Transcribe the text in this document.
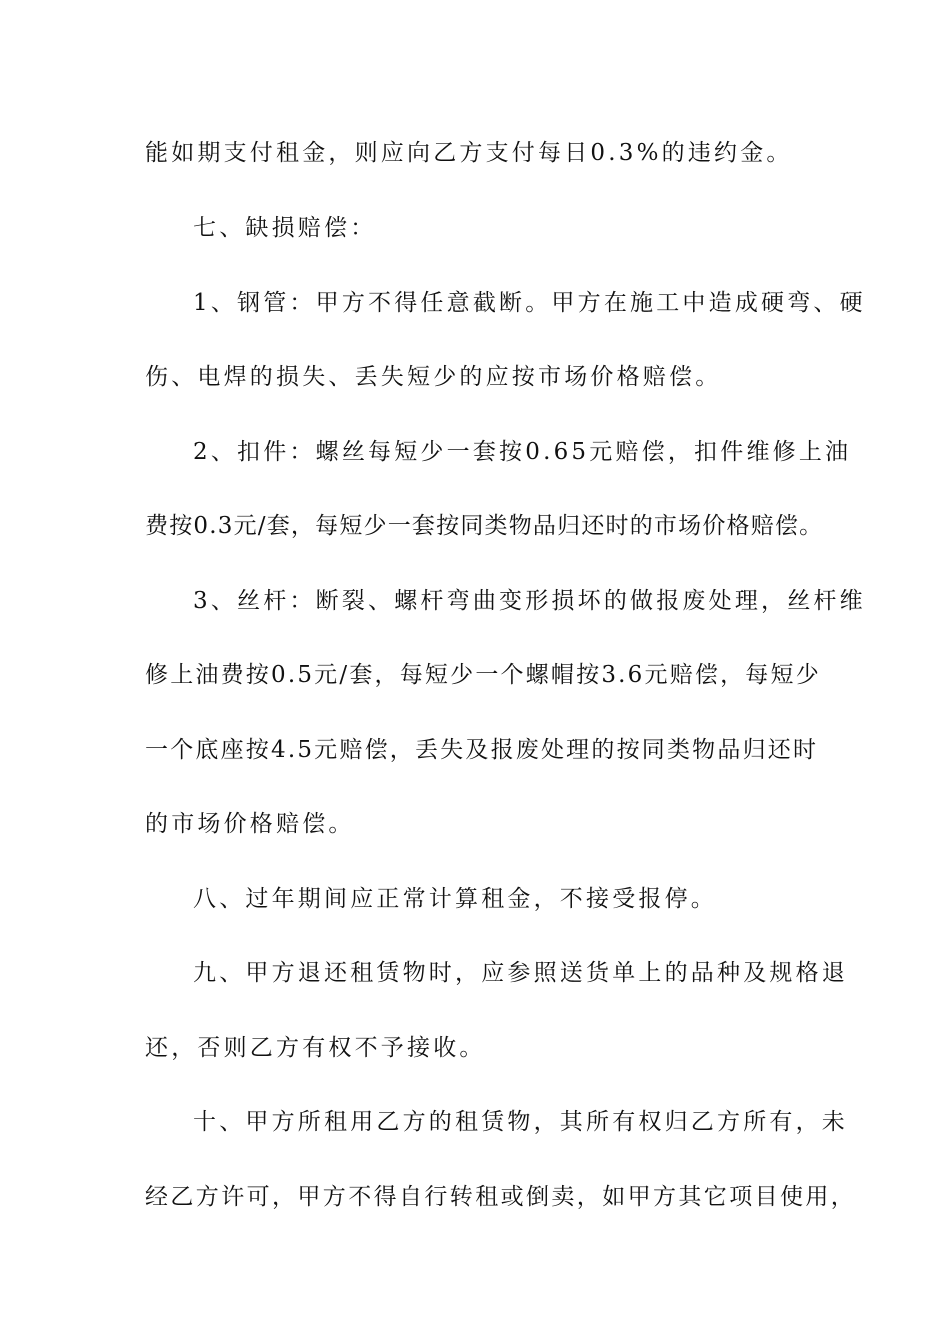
能如期支付租金，则应向乙方支付每日0.3%的违约金。
七、缺损赔偿：
1、钢管：甲方不得任意截断。甲方在施工中造成硬弯、硬
伤、电焊的损失、丢失短少的应按市场价格赔偿。
2、扣件：螺丝每短少一套按0.65元赔偿，扣件维修上油
费按0.3元/套，每短少一套按同类物品归还时的市场价格赔偿。
3、丝杆：断裂、螺杆弯曲变形损坏的做报废处理，丝杆维
修上油费按0.5元/套，每短少一个螺帽按3.6元赔偿，每短少
一个底座按4.5元赔偿，丢失及报废处理的按同类物品归还时
的市场价格赔偿。
八、过年期间应正常计算租金，不接受报停。
九、甲方退还租赁物时，应参照送货单上的品种及规格退
还，否则乙方有权不予接收。
十、甲方所租用乙方的租赁物，其所有权归乙方所有，未
经乙方许可，甲方不得自行转租或倒卖，如甲方其它项目使用，
